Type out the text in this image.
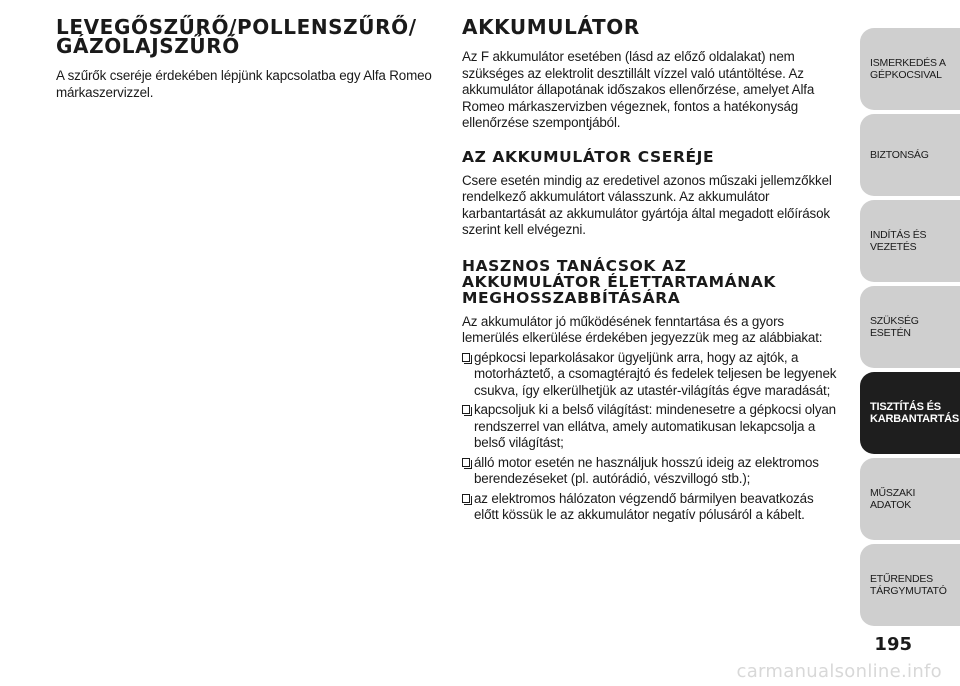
LEVEGŐSZŰRŐ/POLLENSZŰRŐ/
GÁZOLAJSZŰRŐ

A szűrők cseréje érdekében lépjünk kapcsolatba egy Alfa Romeo márkaszervizzel.

AKKUMULÁTOR

Az F akkumulátor esetében (lásd az előző oldalakat) nem szükséges az elektrolit desztillált vízzel való utántöltése. Az akkumulátor állapotának időszakos ellenőrzése, amelyet Alfa Romeo márkaszervizben végeznek, fontos a hatékonyság ellenőrzése szempontjából.

AZ AKKUMULÁTOR CSERÉJE

Csere esetén mindig az eredetivel azonos műszaki jellemzőkkel rendelkező akkumulátort válasszunk. Az akkumulátor karbantartását az akkumulátor gyártója által megadott előírások szerint kell elvégezni.

HASZNOS TANÁCSOK AZ
AKKUMULÁTOR ÉLETTARTAMÁNAK
MEGHOSSZABBÍTÁSÁRA

Az akkumulátor jó működésének fenntartása és a gyors lemerülés elkerülése érdekében jegyezzük meg az alábbiakat:

gépkocsi leparkolásakor ügyeljünk arra, hogy az ajtók, a motorháztető, a csomagtérajtó és fedelek teljesen be legyenek csukva, így elkerülhetjük az utastér-világítás égve maradását;
kapcsoljuk ki a belső világítást: mindenesetre a gépkocsi olyan rendszerrel van ellátva, amely automatikusan lekapcsolja a belső világítást;
álló motor esetén ne használjuk hosszú ideig az elektromos berendezéseket (pl. autórádió, vészvillogó stb.);
az elektromos hálózaton végzendő bármilyen beavatkozás előtt kössük le az akkumulátor negatív pólusáról a kábelt.
ISMERKEDÉS A GÉPKOCSIVAL
BIZTONSÁG
INDÍTÁS ÉS VEZETÉS
SZÜKSÉG ESETÉN
TISZTÍTÁS ÉS KARBANTARTÁS
MŰSZAKI ADATOK
ETŰRENDES TÁRGYMUTATÓ
195
carmanualsonline.info
